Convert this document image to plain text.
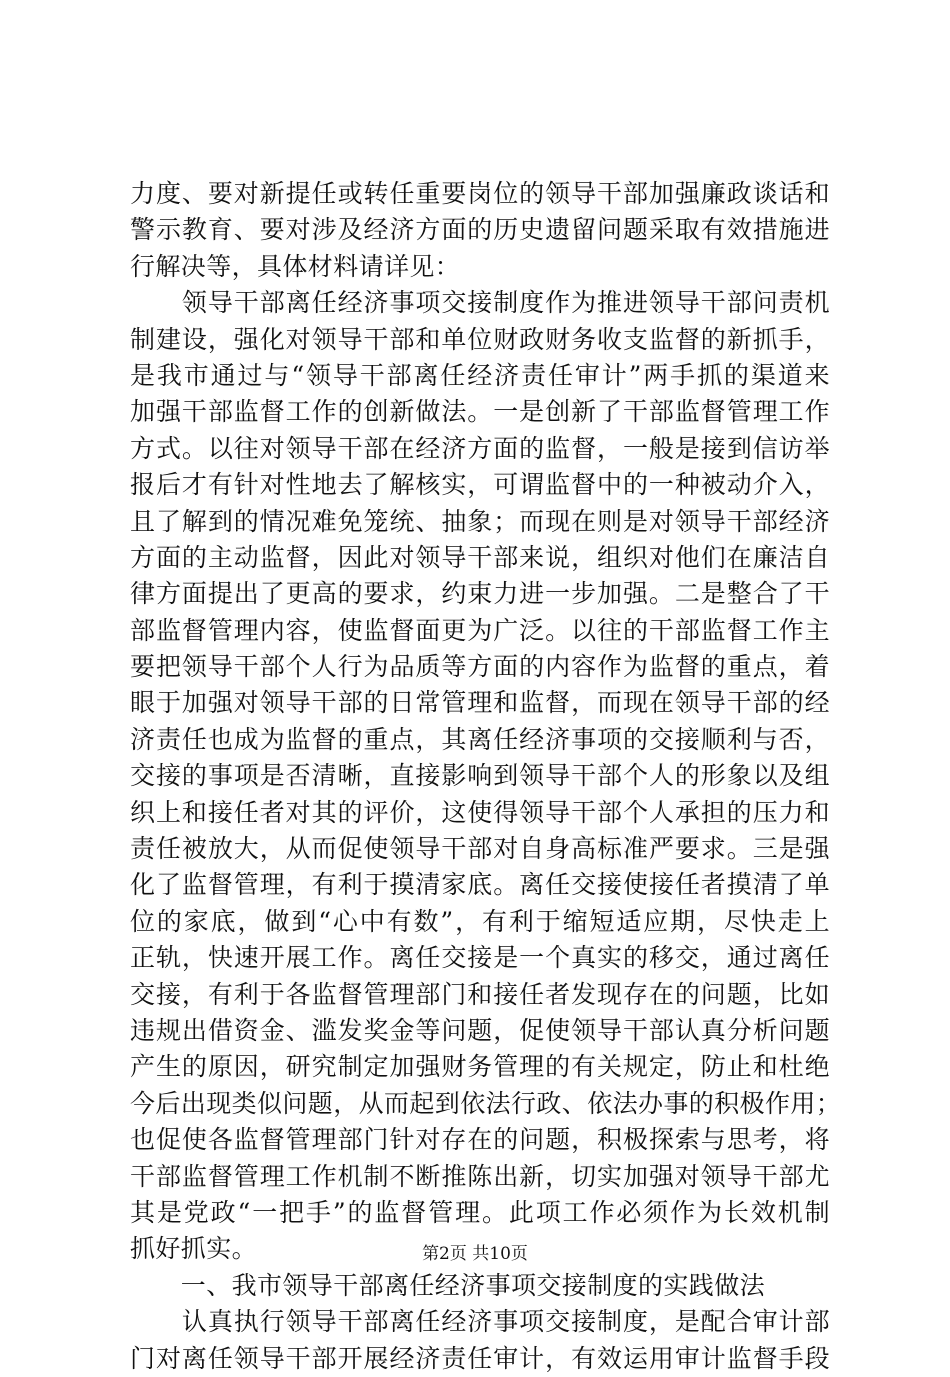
力度、要对新提任或转任重要岗位的领导干部加强廉政谈话和
警示教育、要对涉及经济方面的历史遗留问题采取有效措施进
行解决等，具体材料请详见：
　　领导干部离任经济事项交接制度作为推进领导干部问责机
制建设，强化对领导干部和单位财政财务收支监督的新抓手，
是我市通过与“领导干部离任经济责任审计”两手抓的渠道来
加强干部监督工作的创新做法。一是创新了干部监督管理工作
方式。以往对领导干部在经济方面的监督，一般是接到信访举
报后才有针对性地去了解核实，可谓监督中的一种被动介入，
且了解到的情况难免笼统、抽象；而现在则是对领导干部经济
方面的主动监督，因此对领导干部来说，组织对他们在廉洁自
律方面提出了更高的要求，约束力进一步加强。二是整合了干
部监督管理内容，使监督面更为广泛。以往的干部监督工作主
要把领导干部个人行为品质等方面的内容作为监督的重点，着
眼于加强对领导干部的日常管理和监督，而现在领导干部的经
济责任也成为监督的重点，其离任经济事项的交接顺利与否，
交接的事项是否清晰，直接影响到领导干部个人的形象以及组
织上和接任者对其的评价，这使得领导干部个人承担的压力和
责任被放大，从而促使领导干部对自身高标准严要求。三是强
化了监督管理，有利于摸清家底。离任交接使接任者摸清了单
位的家底，做到“心中有数”，有利于缩短适应期，尽快走上
正轨，快速开展工作。离任交接是一个真实的移交，通过离任
交接，有利于各监督管理部门和接任者发现存在的问题，比如
违规出借资金、滥发奖金等问题，促使领导干部认真分析问题
产生的原因，研究制定加强财务管理的有关规定，防止和杜绝
今后出现类似问题，从而起到依法行政、依法办事的积极作用；
也促使各监督管理部门针对存在的问题，积极探索与思考，将
干部监督管理工作机制不断推陈出新，切实加强对领导干部尤
其是党政“一把手”的监督管理。此项工作必须作为长效机制
抓好抓实。
　　一、我市领导干部离任经济事项交接制度的实践做法
　　认真执行领导干部离任经济事项交接制度，是配合审计部
门对离任领导干部开展经济责任审计，有效运用审计监督手段
第2页 共10页
